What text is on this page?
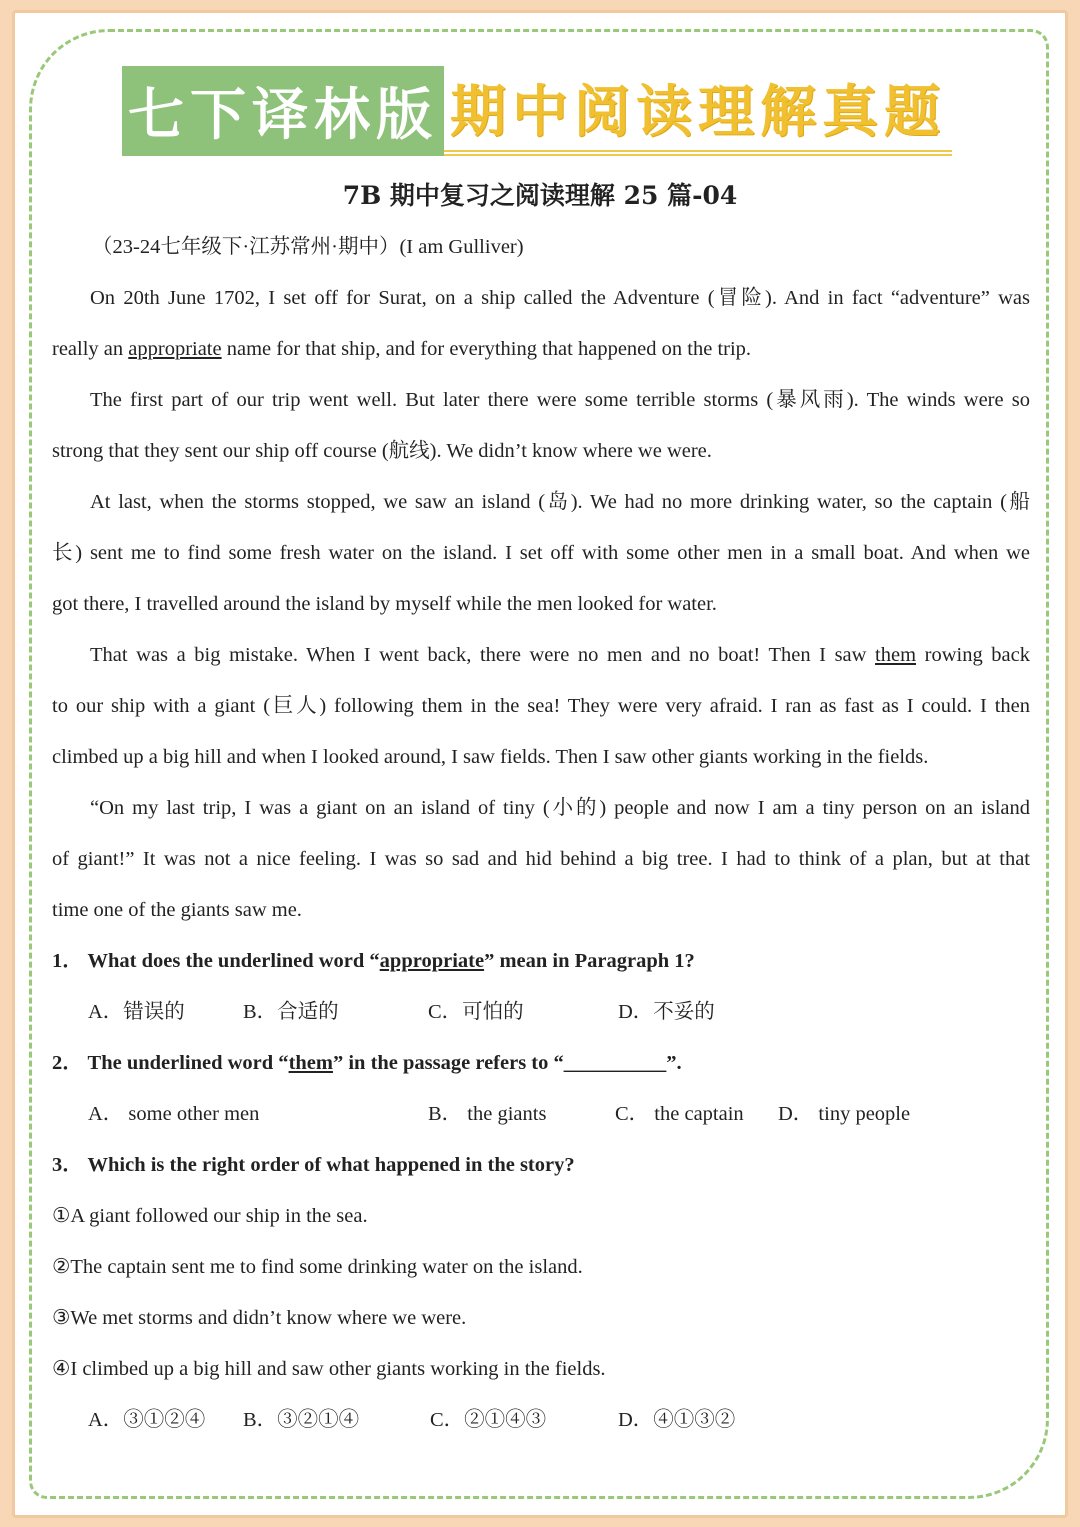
七下译林版 期中阅读理解真题
7B 期中复习之阅读理解 25 篇-04
（23-24七年级下·江苏常州·期中）(I am Gulliver)
On 20th June 1702, I set off for Surat, on a ship called the Adventure (冒险). And in fact “adventure” was
really an appropriate name for that ship, and for everything that happened on the trip.
The first part of our trip went well. But later there were some terrible storms (暴风雨). The winds were so
strong that they sent our ship off course (航线). We didn’t know where we were.
At last, when the storms stopped, we saw an island (岛). We had no more drinking water, so the captain (船
长) sent me to find some fresh water on the island. I set off with some other men in a small boat. And when we
got there, I travelled around the island by myself while the men looked for water.
That was a big mistake. When I went back, there were no men and no boat! Then I saw them rowing back
to our ship with a giant (巨人) following them in the sea! They were very afraid. I ran as fast as I could. I then
climbed up a big hill and when I looked around, I saw fields. Then I saw other giants working in the fields.
“On my last trip, I was a giant on an island of tiny (小的) people and now I am a tiny person on an island
of giant!” It was not a nice feeling. I was so sad and hid behind a big tree. I had to think of a plan, but at that
time one of the giants saw me.
1． What does the underlined word “appropriate” mean in Paragraph 1?
A．错误的	B．合适的	C．可怕的	D．不妥的
2． The underlined word “them” in the passage refers to “__________”.
A． some other men	B． the giants	C． the captain	D． tiny people
3． Which is the right order of what happened in the story?
①A giant followed our ship in the sea.
②The captain sent me to find some drinking water on the island.
③We met storms and didn’t know where we were.
④I climbed up a big hill and saw other giants working in the fields.
A．③①②④	B．③②①④	C．②①④③	D．④①③②
